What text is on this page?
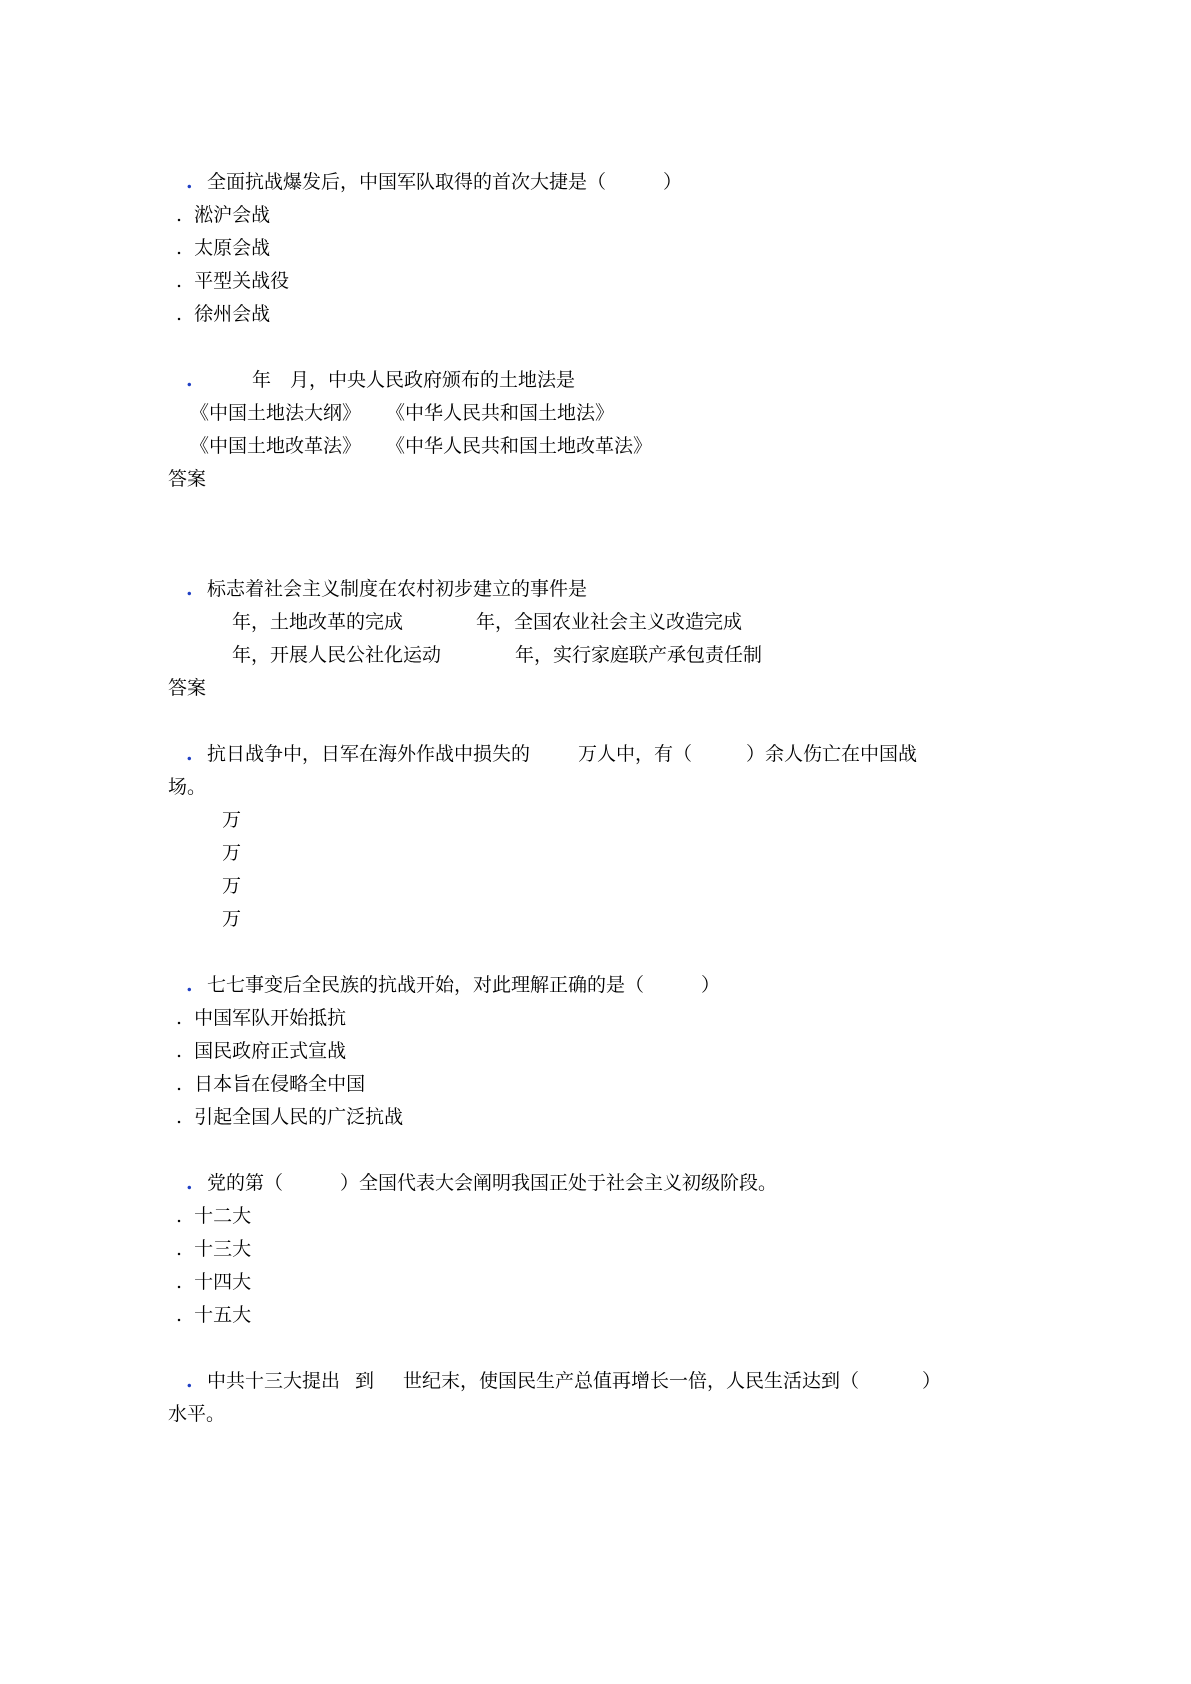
. 全面抗战爆发后，中国军队取得的首次大捷是（　　　）
.  淞沪会战
.  太原会战
.  平型关战役
.  徐州会战
.	年 月，中央人民政府颁布的土地法是
《中国土地法大纲》 《中华人民共和国土地法》
《中国土地改革法》 《中华人民共和国土地改革法》
答案
. 标志着社会主义制度在农村初步建立的事件是
年，土地改革的完成	年，全国农业社会主义改造完成
年，开展人民公社化运动	年，实行家庭联产承包责任制
答案
. 抗日战争中，日军在海外作战中损失的	万人中，有（	）余人伤亡在中国战
场。
万
万
万
万
. 七七事变后全民族的抗战开始，对此理解正确的是（　　　）
.  中国军队开始抵抗
.  国民政府正式宣战
.  日本旨在侵略全中国
.  引起全国人民的广泛抗战
. 党的第（　　　）全国代表大会阐明我国正处于社会主义初级阶段。
.  十二大
.  十三大
.  十四大
.  十五大
. 中共十三大提出 到 世纪末，使国民生产总值再增长一倍，人民生活达到（	）
水平。
